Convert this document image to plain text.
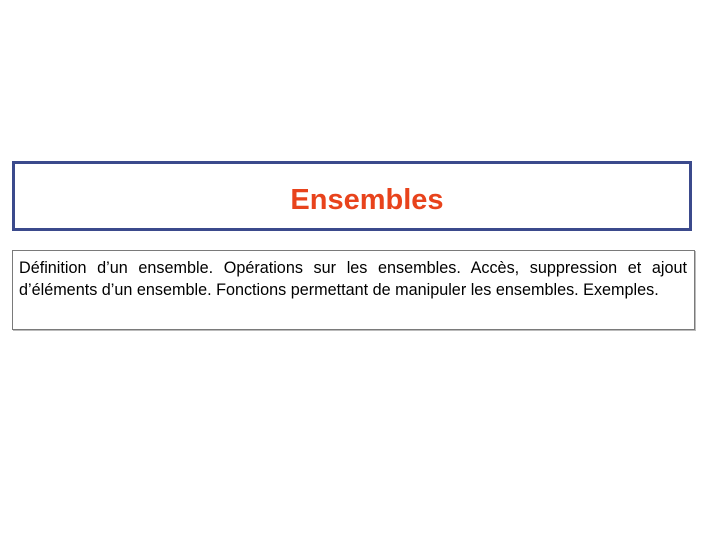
Ensembles

Définition d’un ensemble. Opérations sur les ensembles. Accès, suppression et ajout d’éléments d’un ensemble. Fonctions permettant de manipuler les ensembles. Exemples.
